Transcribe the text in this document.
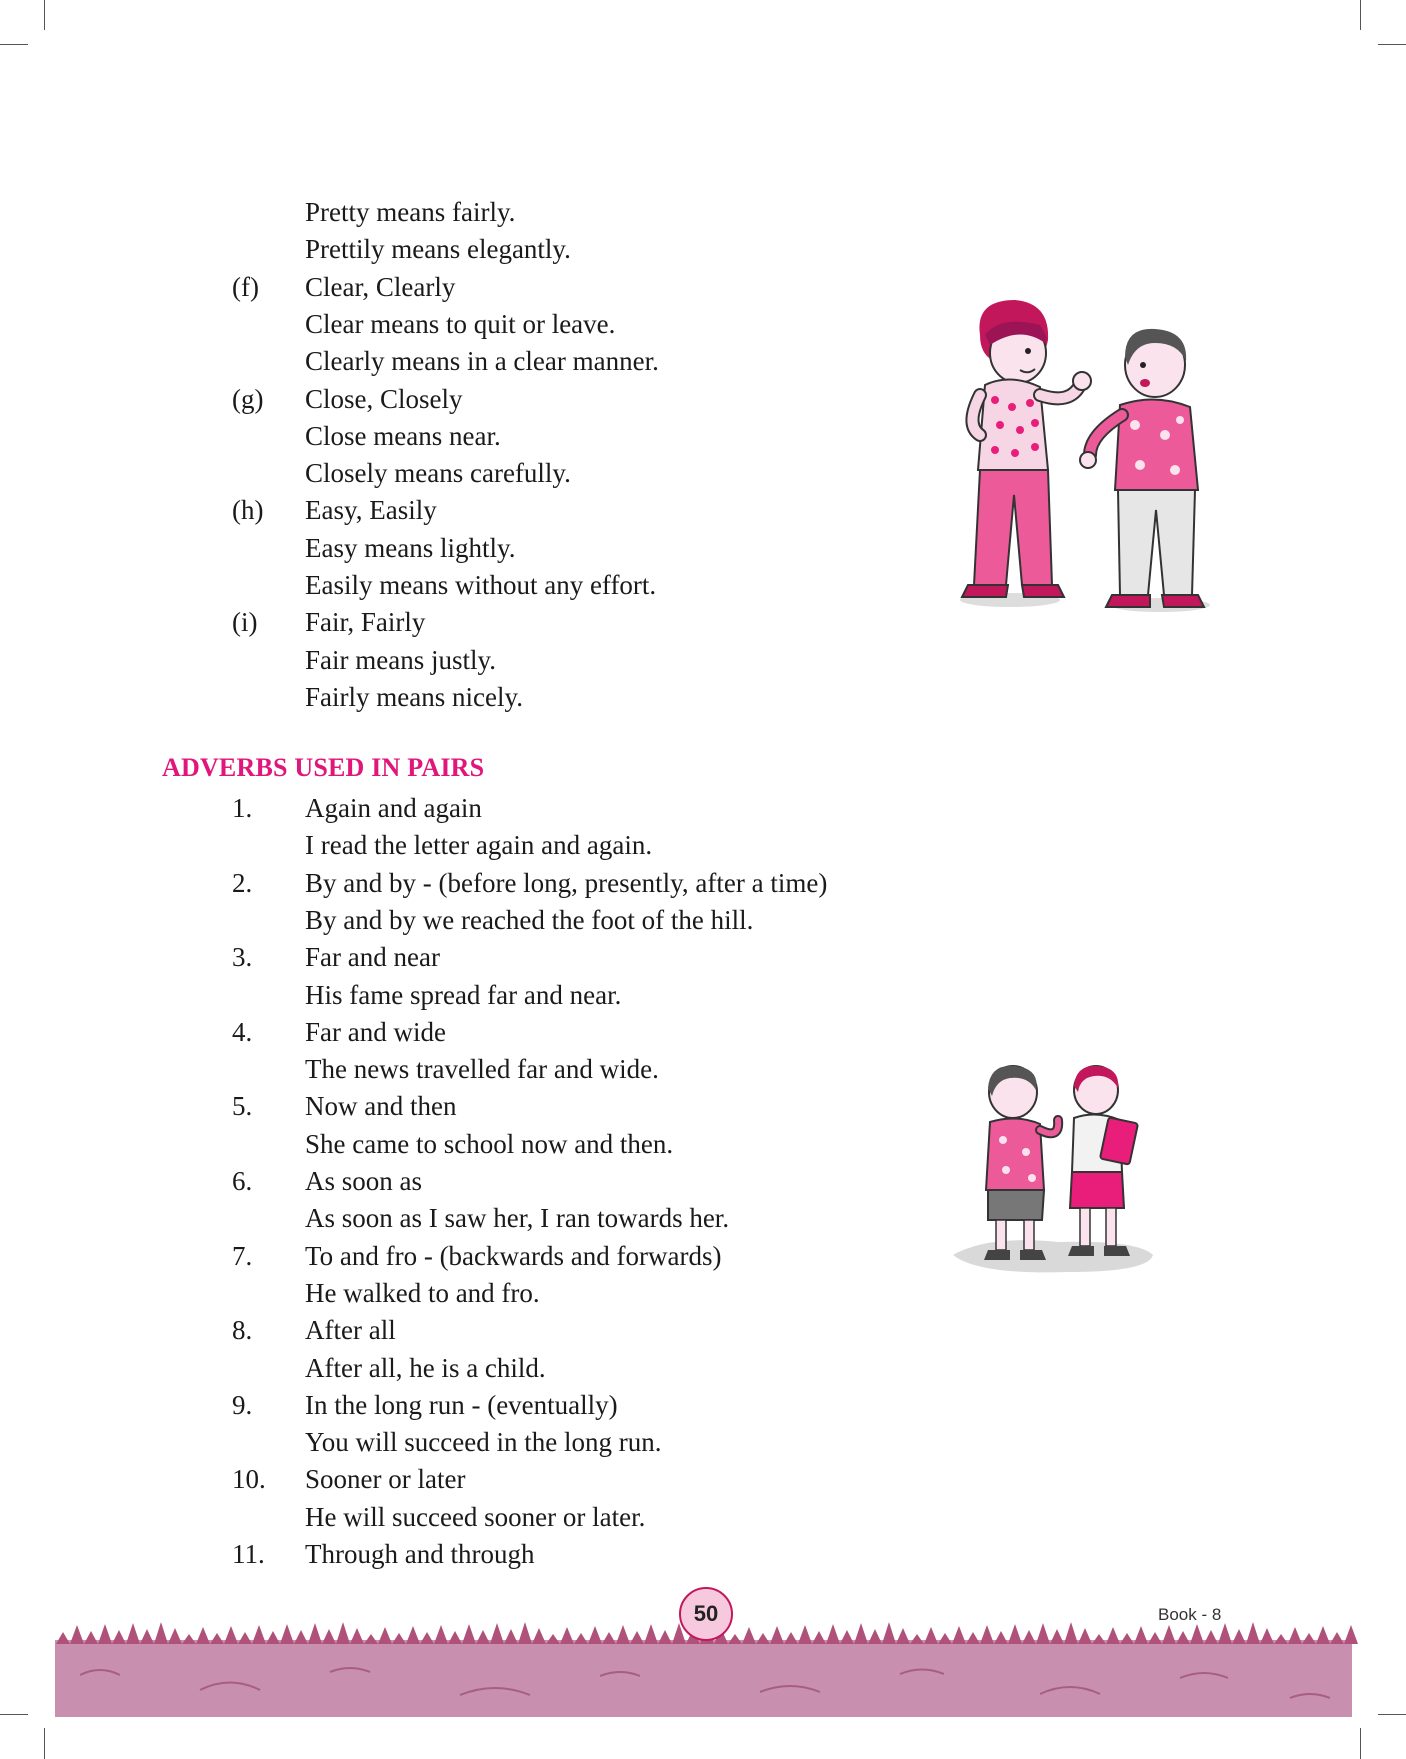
Pretty means fairly.
Prettily means elegantly.
(f) Clear, Clearly
Clear means to quit or leave.
Clearly means in a clear manner.
(g) Close, Closely
Close means near.
Closely means carefully.
(h) Easy, Easily
Easy means lightly.
Easily means without any effort.
(i) Fair, Fairly
Fair means justly.
Fairly means nicely.
ADVERBS USED IN PAIRS
1. Again and again
I read the letter again and again.
2. By and by - (before long, presently, after a time)
By and by we reached the foot of the hill.
3. Far and near
His fame spread far and near.
4. Far and wide
The news travelled far and wide.
5. Now and then
She came to school now and then.
6. As soon as
As soon as I saw her, I ran towards her.
7. To and fro - (backwards and forwards)
He walked to and fro.
8. After all
After all, he is a child.
9. In the long run - (eventually)
You will succeed in the long run.
10. Sooner or later
He will succeed sooner or later.
11. Through and through
50	Book - 8
